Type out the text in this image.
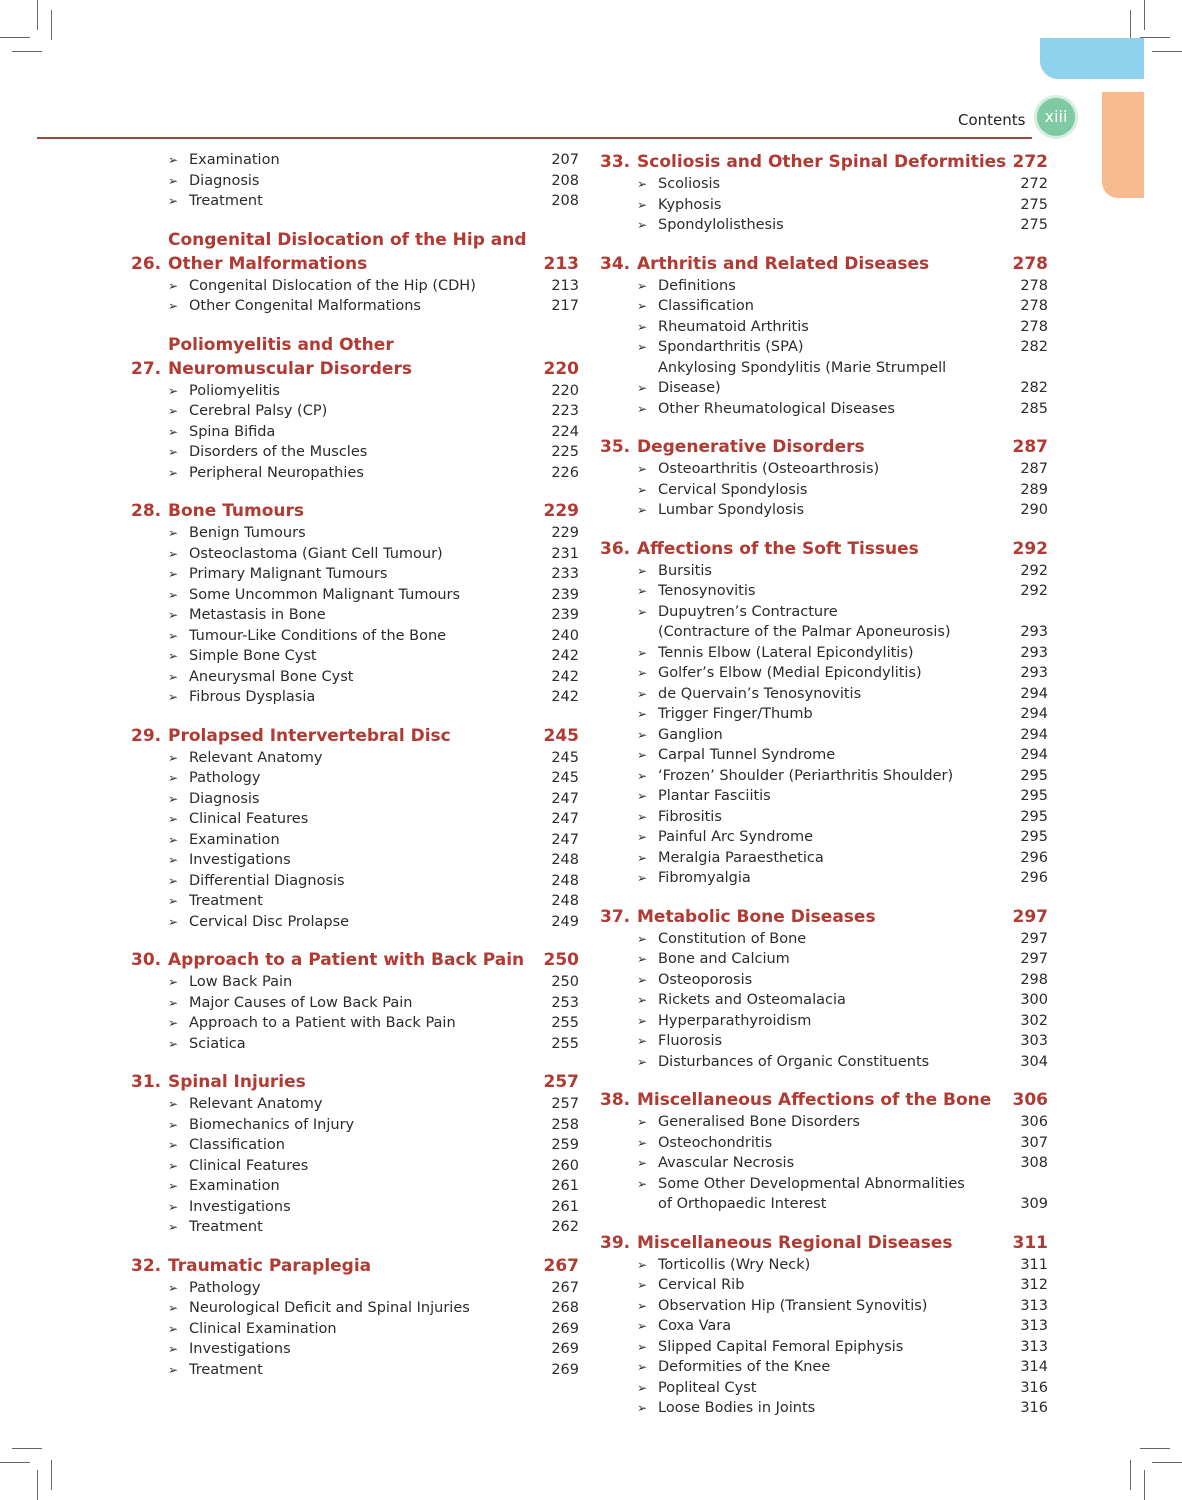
Contents	xiii
➢ Examination	207
➢ Diagnosis	208
➢ Treatment	208
26.
Congenital Dislocation of the Hip and Other Malformations	213
➢ Congenital Dislocation of the Hip (CDH)	213
➢ Other Congenital Malformations	217
27.
Poliomyelitis and Other Neuromuscular Disorders	220
➢ Poliomyelitis	220
➢ Cerebral Palsy (CP)	223
➢ Spina Bifida	224
➢ Disorders of the Muscles	225
➢ Peripheral Neuropathies	226
28. Bone Tumours	229
➢ Benign Tumours	229
➢ Osteoclastoma (Giant Cell Tumour)	231
➢ Primary Malignant Tumours	233
➢ Some Uncommon Malignant Tumours	239
➢ Metastasis in Bone	239
➢ Tumour-Like Conditions of the Bone	240
➢ Simple Bone Cyst	242
➢ Aneurysmal Bone Cyst	242
➢ Fibrous Dysplasia	242
29. Prolapsed Intervertebral Disc	245
➢ Relevant Anatomy	245
➢ Pathology	245
➢ Diagnosis	247
➢ Clinical Features	247
➢ Examination	247
➢ Investigations	248
➢ Differential Diagnosis	248
➢ Treatment	248
➢ Cervical Disc Prolapse	249
30. Approach to a Patient with Back Pain	250
➢ Low Back Pain	250
➢ Major Causes of Low Back Pain	253
➢ Approach to a Patient with Back Pain	255
➢ Sciatica	255
31. Spinal Injuries	257
➢ Relevant Anatomy	257
➢ Biomechanics of Injury	258
➢ Classification	259
➢ Clinical Features	260
➢ Examination	261
➢ Investigations	261
➢ Treatment	262
32. Traumatic Paraplegia	267
➢ Pathology	267
➢ Neurological Deficit and Spinal Injuries	268
➢ Clinical Examination	269
➢ Investigations	269
➢ Treatment	269
33. Scoliosis and Other Spinal Deformities 272
➢ Scoliosis	272
➢ Kyphosis	275
➢ Spondylolisthesis	275
34. Arthritis and Related Diseases	278
➢ Definitions	278
➢ Classification	278
➢ Rheumatoid Arthritis	278
➢ Spondarthritis (SPA)	282
➢
Ankylosing Spondylitis (Marie Strumpell Disease)	282
➢ Other Rheumatological Diseases	285
35. Degenerative Disorders	287
➢ Osteoarthritis (Osteoarthrosis)	287
➢ Cervical Spondylosis	289
➢ Lumbar Spondylosis	290
36. Affections of the Soft Tissues	292
➢ Bursitis	292
➢ Tenosynovitis	292
➢ Dupuytren’s Contracture
(Contracture of the Palmar Aponeurosis)	293
➢ Tennis Elbow (Lateral Epicondylitis)	293
➢ Golfer’s Elbow (Medial Epicondylitis)	293
➢ de Quervain’s Tenosynovitis	294
➢ Trigger Finger/Thumb	294
➢ Ganglion	294
➢ Carpal Tunnel Syndrome	294
➢ ‘Frozen’ Shoulder (Periarthritis Shoulder)	295
➢ Plantar Fasciitis	295
➢ Fibrositis	295
➢ Painful Arc Syndrome	295
➢ Meralgia Paraesthetica	296
➢ Fibromyalgia	296
37. Metabolic Bone Diseases	297
➢ Constitution of Bone	297
➢ Bone and Calcium	297
➢ Osteoporosis	298
➢ Rickets and Osteomalacia	300
➢ Hyperparathyroidism	302
➢ Fluorosis	303
➢ Disturbances of Organic Constituents	304
38. Miscellaneous Affections of the Bone	306
➢ Generalised Bone Disorders	306
➢ Osteochondritis	307
➢ Avascular Necrosis	308
➢ Some Other Developmental Abnormalities
of Orthopaedic Interest	309
39. Miscellaneous Regional Diseases	311
➢ Torticollis (Wry Neck)	311
➢ Cervical Rib	312
➢ Observation Hip (Transient Synovitis)	313
➢ Coxa Vara	313
➢ Slipped Capital Femoral Epiphysis	313
➢ Deformities of the Knee	314
➢ Popliteal Cyst	316
➢ Loose Bodies in Joints	316
